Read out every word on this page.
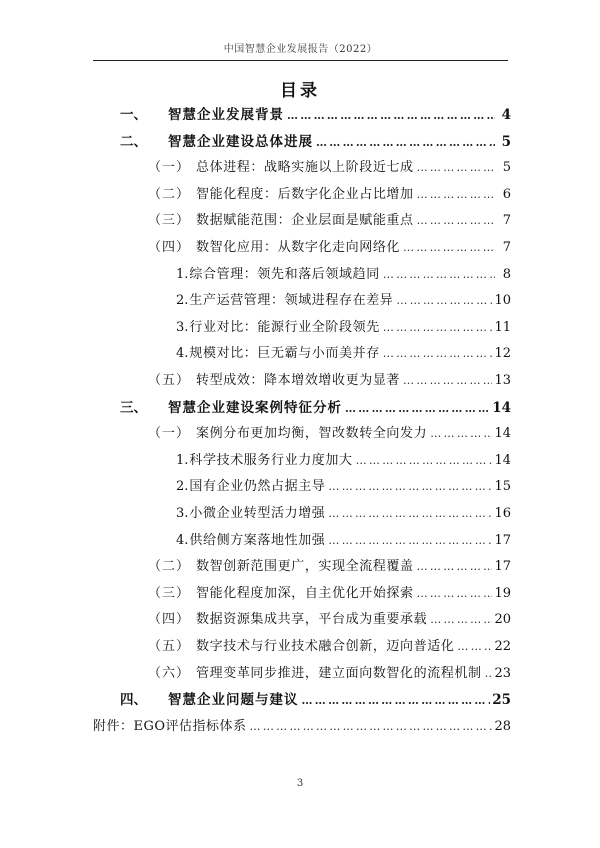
中国智慧企业发展报告（2022）
目录
一、	智慧企业发展背景 ……………………………………………………………………………………………………………………………………………………………………	4
二、	智慧企业建设总体进展 ……………………………………………………………………………………………………………………………………………………………………	5
（一） 总体进程：战略实施以上阶段近七成 ……………………………………………………………………………………………………………………………………………………………………	5
（二） 智能化程度：后数字化企业占比增加 ……………………………………………………………………………………………………………………………………………………………………	6
（三） 数据赋能范围：企业层面是赋能重点 ……………………………………………………………………………………………………………………………………………………………………	7
（四） 数智化应用：从数字化走向网络化 ……………………………………………………………………………………………………………………………………………………………………	7
1. 综合管理：领先和落后领域趋同 ……………………………………………………………………………………………………………………………………………………………………	8
2. 生产运营管理：领域进程存在差异 ……………………………………………………………………………………………………………………………………………………………………	10
3. 行业对比：能源行业全阶段领先 ……………………………………………………………………………………………………………………………………………………………………	11
4. 规模对比：巨无霸与小而美并存 ……………………………………………………………………………………………………………………………………………………………………	12
（五） 转型成效：降本增效增收更为显著 ……………………………………………………………………………………………………………………………………………………………………	13
三、	智慧企业建设案例特征分析 ……………………………………………………………………………………………………………………………………………………………………	14
（一） 案例分布更加均衡，智改数转全向发力 ……………………………………………………………………………………………………………………………………………………………………	14
1. 科学技术服务行业力度加大 ……………………………………………………………………………………………………………………………………………………………………	14
2. 国有企业仍然占据主导 ……………………………………………………………………………………………………………………………………………………………………	15
3. 小微企业转型活力增强 ……………………………………………………………………………………………………………………………………………………………………	16
4. 供给侧方案落地性加强 ……………………………………………………………………………………………………………………………………………………………………	17
（二） 数智创新范围更广，实现全流程覆盖 ……………………………………………………………………………………………………………………………………………………………………	17
（三） 智能化程度加深，自主优化开始探索 ……………………………………………………………………………………………………………………………………………………………………	19
（四） 数据资源集成共享，平台成为重要承载 ……………………………………………………………………………………………………………………………………………………………………	20
（五） 数字技术与行业技术融合创新，迈向普适化 ……………………………………………………………………………………………………………………………………………………………………	22
（六） 管理变革同步推进，建立面向数智化的流程机制 …………………………………………………………………………………………………………………………………………………………………… 23
四、	智慧企业问题与建议 ……………………………………………………………………………………………………………………………………………………………………	25
附件：EGO评估指标体系 ……………………………………………………………………………………………………………………………………………………………………	28
3
